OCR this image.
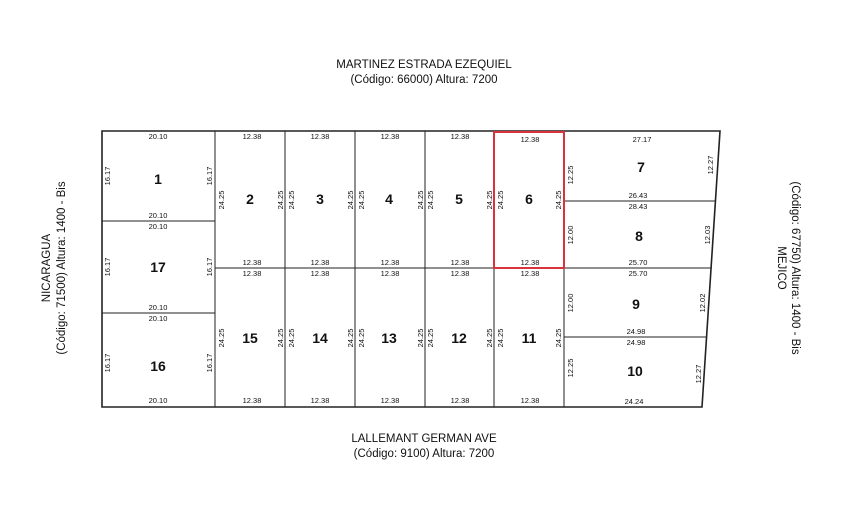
MARTINEZ ESTRADA EZEQUIEL
(Código: 66000) Altura: 7200
LALLEMANT GERMAN AVE
(Código: 9100) Altura: 7200
NICARAGUA (Código: 71500) Altura: 1400 - Bis	MEJICO (Código: 67750) Altura: 1400 - Bis
1
20.10
20.10
16.17	16.17
17
20.10
20.10
16.17	16.17
16
20.10
20.10
16.17	16.17
2
12.38
12.38
24.25	24.25 3
12.38
12.38
24.25	24.25 4
12.38
12.38
24.25	24.25 5
12.38
12.38
24.25	24.25 6
12.38
12.38
24.25	24.25
15
12.38
12.38
24.25	24.25 14
12.38
12.38
24.25	24.25 13
12.38
12.38
24.25	24.25 12
12.38
12.38
24.25	24.25 11
12.38
12.38
24.25	24.25
7
27.17
26.43
12.25
12.27
8
28.43
25.70
12.00	12.03
9
25.70
24.98
12.00	12.02
10
24.98
24.24
12.25	12.27
